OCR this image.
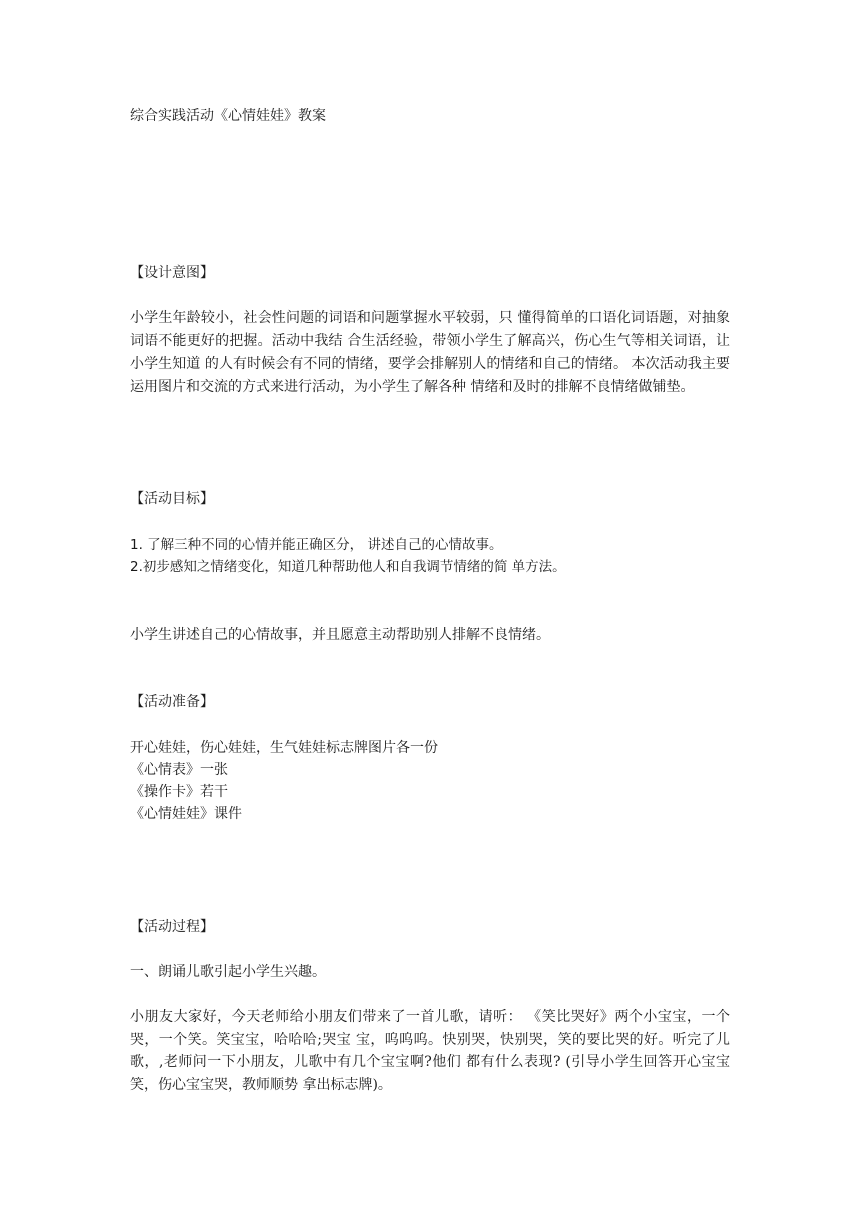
综合实践活动《心情娃娃》教案

【设计意图】

小学生年龄较小，社会性问题的词语和问题掌握水平较弱，只 懂得简单的口语化词语题，对抽象词语不能更好的把握。活动中我结 合生活经验，带领小学生了解高兴，伤心生气等相关词语，让小学生知道 的人有时候会有不同的情绪，要学会排解别人的情绪和自己的情绪。 本次活动我主要运用图片和交流的方式来进行活动，为小学生了解各种 情绪和及时的排解不良情绪做铺垫。

【活动目标】

1. 了解三种不同的心情并能正确区分， 讲述自己的心情故事。

2.初步感知之情绪变化，知道几种帮助他人和自我调节情绪的简 单方法。

小学生讲述自己的心情故事，并且愿意主动帮助别人排解不良情绪。

【活动准备】

开心娃娃，伤心娃娃，生气娃娃标志牌图片各一份

《心情表》一张

《操作卡》若干

《心情娃娃》课件

【活动过程】

一、朗诵儿歌引起小学生兴趣。

小朋友大家好，今天老师给小朋友们带来了一首儿歌，请听： 《笑比哭好》两个小宝宝，一个哭，一个笑。笑宝宝，哈哈哈;哭宝 宝，呜呜呜。快别哭，快别哭，笑的要比哭的好。听完了儿歌，,老师问一下小朋友，儿歌中有几个宝宝啊?他们 都有什么表现? (引导小学生回答开心宝宝笑，伤心宝宝哭，教师顺势 拿出标志牌)。
